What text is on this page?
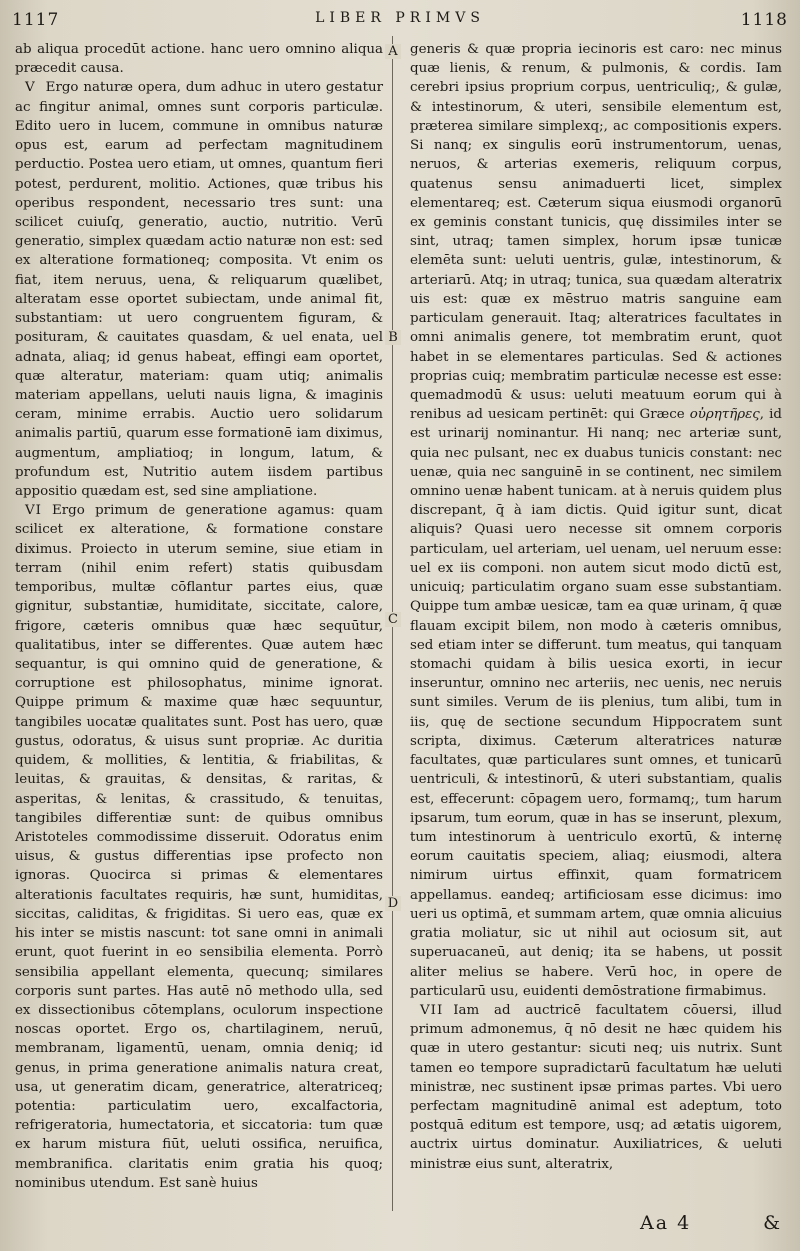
1117	LIBER PRIMVS	1118

ab aliqua procedūt actione. hanc uero omnino aliqua præcedit causa.

V Ergo naturæ opera, dum adhuc in utero gestatur ac fingitur animal, omnes sunt corporis particulæ. Edito uero in lucem, commune in omnibus naturæ opus est, earum ad perfectam magnitudinem perductio. Postea uero etiam, ut omnes, quantum fieri potest, perdurent, molitio. Actiones, quæ tribus his operibus respondent, necessario tres sunt: una scilicet cuiuſq, generatio, auctio, nutritio. Verū generatio, simplex quædam actio naturæ non est: sed ex alteratione formationeq; composita. Vt enim os fiat, item neruus, uena, & reliquarum quælibet, alteratam esse oportet subiectam, unde animal fit, substantiam: ut uero congruentem figuram, & posituram, & cauitates quasdam, & uel enata, uel adnata, aliaq; id genus habeat, effingi eam oportet, quæ alteratur, materiam: quam utiq; animalis materiam appellans, ueluti nauis ligna, & imaginis ceram, minime errabis. Auctio uero solidarum animalis partiū, quarum esse formationē iam diximus, augmentum, ampliatioq; in longum, latum, & profundum est, Nutritio autem iisdem partibus appositio quædam est, sed sine ampliatione.

VI Ergo primum de generatione agamus: quam scilicet ex alteratione, & formatione constare diximus. Proiecto in uterum semine, siue etiam in terram (nihil enim refert) statis quibusdam temporibus, multæ cōflantur partes eius, quæ gignitur, substantiæ, humiditate, siccitate, calore, frigore, cæteris omnibus quæ hæc sequūtur, qualitatibus, inter se differentes. Quæ autem hæc sequantur, is qui omnino quid de generatione, & corruptione est philosophatus, minime ignorat. Quippe primum & maxime quæ hæc sequuntur, tangibiles uocatæ qualitates sunt. Post has uero, quæ gustus, odoratus, & uisus sunt propriæ. Ac duritia quidem, & mollities, & lentitia, & friabilitas, & leuitas, & grauitas, & densitas, & raritas, & asperitas, & lenitas, & crassitudo, & tenuitas, tangibiles differentiæ sunt: de quibus omnibus Aristoteles commodissime disseruit. Odoratus enim uisus, & gustus differentias ipse profecto non ignoras. Quocirca si primas & elementares alterationis facultates requiris, hæ sunt, humiditas, siccitas, caliditas, & frigiditas. Si uero eas, quæ ex his inter se mistis nascunt: tot sane omni in animali erunt, quot fuerint in eo sensibilia elementa. Porrò sensibilia appellant elementa, quecunq; similares corporis sunt partes. Has autē nō methodo ulla, sed ex dissectionibus cōtemplans, oculorum inspectione noscas oportet. Ergo os, chartilaginem, neruū, membranam, ligamentū, uenam, omnia deniq; id genus, in prima generatione animalis natura creat, usa, ut generatim dicam, generatrice, alteratriceq; potentia: particulatim uero, excalfactoria, refrigeratoria, humectatoria, et siccatoria: tum quæ ex harum mistura fiūt, ueluti ossifica, neruifica, membranifica. claritatis enim gratia his quoq; nominibus utendum. Est sanè huius

A
B
C
D

generis & quæ propria iecinoris est caro: nec minus quæ lienis, & renum, & pulmonis, & cordis. Iam cerebri ipsius proprium corpus, uentriculiq;, & gulæ, & intestinorum, & uteri, sensibile elementum est, præterea similare simplexq;, ac compositionis expers. Si nanq; ex singulis eorū instrumentorum, uenas, neruos, & arterias exemeris, reliquum corpus, quatenus sensu animaduerti licet, simplex elementareq; est. Cæterum siqua eiusmodi organorū ex geminis constant tunicis, quę dissimiles inter se sint, utraq; tamen simplex, horum ipsæ tunicæ elemēta sunt: ueluti uentris, gulæ, intestinorum, & arteriarū. Atq; in utraq; tunica, sua quædam alteratrix uis est: quæ ex mēstruo matris sanguine eam particulam generauit. Itaq; alteratrices facultates in omni animalis genere, tot membratim erunt, quot habet in se elementares particulas. Sed & actiones proprias cuiq; membratim particulæ necesse est esse: quemadmodū & usus: ueluti meatuum eorum qui à renibus ad uesicam pertinēt: qui Græce οὐρητῆρες, id est urinarij nominantur. Hi nanq; nec arteriæ sunt, quia nec pulsant, nec ex duabus tunicis constant: nec uenæ, quia nec sanguinē in se continent, nec similem omnino uenæ habent tunicam. at à neruis quidem plus discrepant, q̄ à iam dictis. Quid igitur sunt, dicat aliquis? Quasi uero necesse sit omnem corporis particulam, uel arteriam, uel uenam, uel neruum esse: uel ex iis componi. non autem sicut modo dictū est, unicuiq; particulatim organo suam esse substantiam. Quippe tum ambæ uesicæ, tam ea quæ urinam, q̄ quæ flauam excipit bilem, non modo à cæteris omnibus, sed etiam inter se differunt. tum meatus, qui tanquam stomachi quidam à bilis uesica exorti, in iecur inseruntur, omnino nec arteriis, nec uenis, nec neruis sunt similes. Verum de iis plenius, tum alibi, tum in iis, quę de sectione secundum Hippocratem sunt scripta, diximus. Cæterum alteratrices naturæ facultates, quæ particulares sunt omnes, et tunicarū uentriculi, & intestinorū, & uteri substantiam, qualis est, effecerunt: cōpagem uero, formamq;, tum harum ipsarum, tum eorum, quæ in has se inserunt, plexum, tum intestinorum à uentriculo exortū, & internę eorum cauitatis speciem, aliaq; eiusmodi, altera nimirum uirtus effinxit, quam formatricem appellamus. eandeq; artificiosam esse dicimus: imo ueri us optimā, et summam artem, quæ omnia alicuius gratia moliatur, sic ut nihil aut ociosum sit, aut superuacaneū, aut deniq; ita se habens, ut possit aliter melius se habere. Verū hoc, in opere de particularū usu, euidenti demōstratione firmabimus.

VII Iam ad auctricē facultatem cōuersi, illud primum admonemus, q̄ nō desit ne hæc quidem his quæ in utero gestantur: sicuti neq; uis nutrix. Sunt tamen eo tempore supradictarū facultatum hæ ueluti ministræ, nec sustinent ipsæ primas partes. Vbi uero perfectam magnitudinē animal est adeptum, toto postquā editum est tempore, usq; ad ætatis uigorem, auctrix uirtus dominatur. Auxiliatrices, & ueluti ministræ eius sunt, alteratrix,

Aa 4	&
